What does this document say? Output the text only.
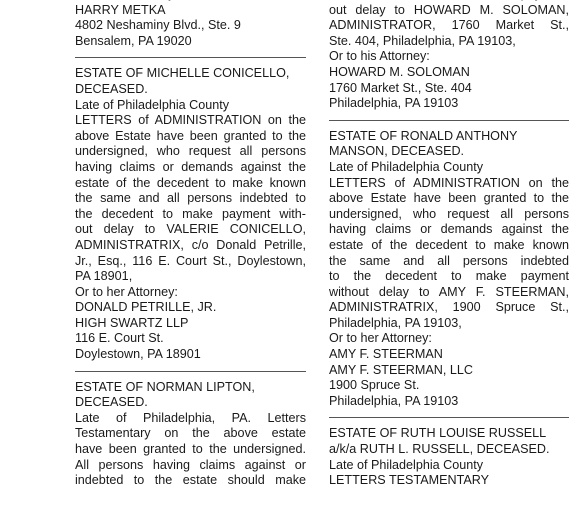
HARRY METKA
4802 Neshaminy Blvd., Ste. 9
Bensalem, PA 19020
ESTATE OF MICHELLE CONICELLO,
DECEASED.
Late of Philadelphia County
LETTERS of ADMINISTRATION on the
above Estate have been granted to the
undersigned, who request all persons
having claims or demands against the
estate of the decedent to make known
the same and all persons indebted to
the decedent to make payment with-
out delay to VALERIE CONICELLO,
ADMINISTRATRIX, c/o Donald Petrille,
Jr., Esq., 116 E. Court St., Doylestown,
PA 18901,
Or to her Attorney:
DONALD PETRILLE, JR.
HIGH SWARTZ LLP
116 E. Court St.
Doylestown, PA 18901
ESTATE OF NORMAN LIPTON,
DECEASED.
Late of Philadelphia, PA. Letters
Testamentary on the above estate
have been granted to the undersigned.
All persons having claims against or
indebted to the estate should make
out delay to HOWARD M. SOLOMAN,
ADMINISTRATOR, 1760 Market St.,
Ste. 404, Philadelphia, PA 19103,
Or to his Attorney:
HOWARD M. SOLOMAN
1760 Market St., Ste. 404
Philadelphia, PA 19103
ESTATE OF RONALD ANTHONY
MANSON, DECEASED.
Late of Philadelphia County
LETTERS of ADMINISTRATION on the
above Estate have been granted to the
undersigned, who request all persons
having claims or demands against the
estate of the decedent to make known
the same and all persons indebted
to the decedent to make payment
without delay to AMY F. STEERMAN,
ADMINISTRATRIX, 1900 Spruce St.,
Philadelphia, PA 19103,
Or to her Attorney:
AMY F. STEERMAN
AMY F. STEERMAN, LLC
1900 Spruce St.
Philadelphia, PA 19103
ESTATE OF RUTH LOUISE RUSSELL
a/k/a RUTH L. RUSSELL, DECEASED.
Late of Philadelphia County
LETTERS TESTAMENTARY
